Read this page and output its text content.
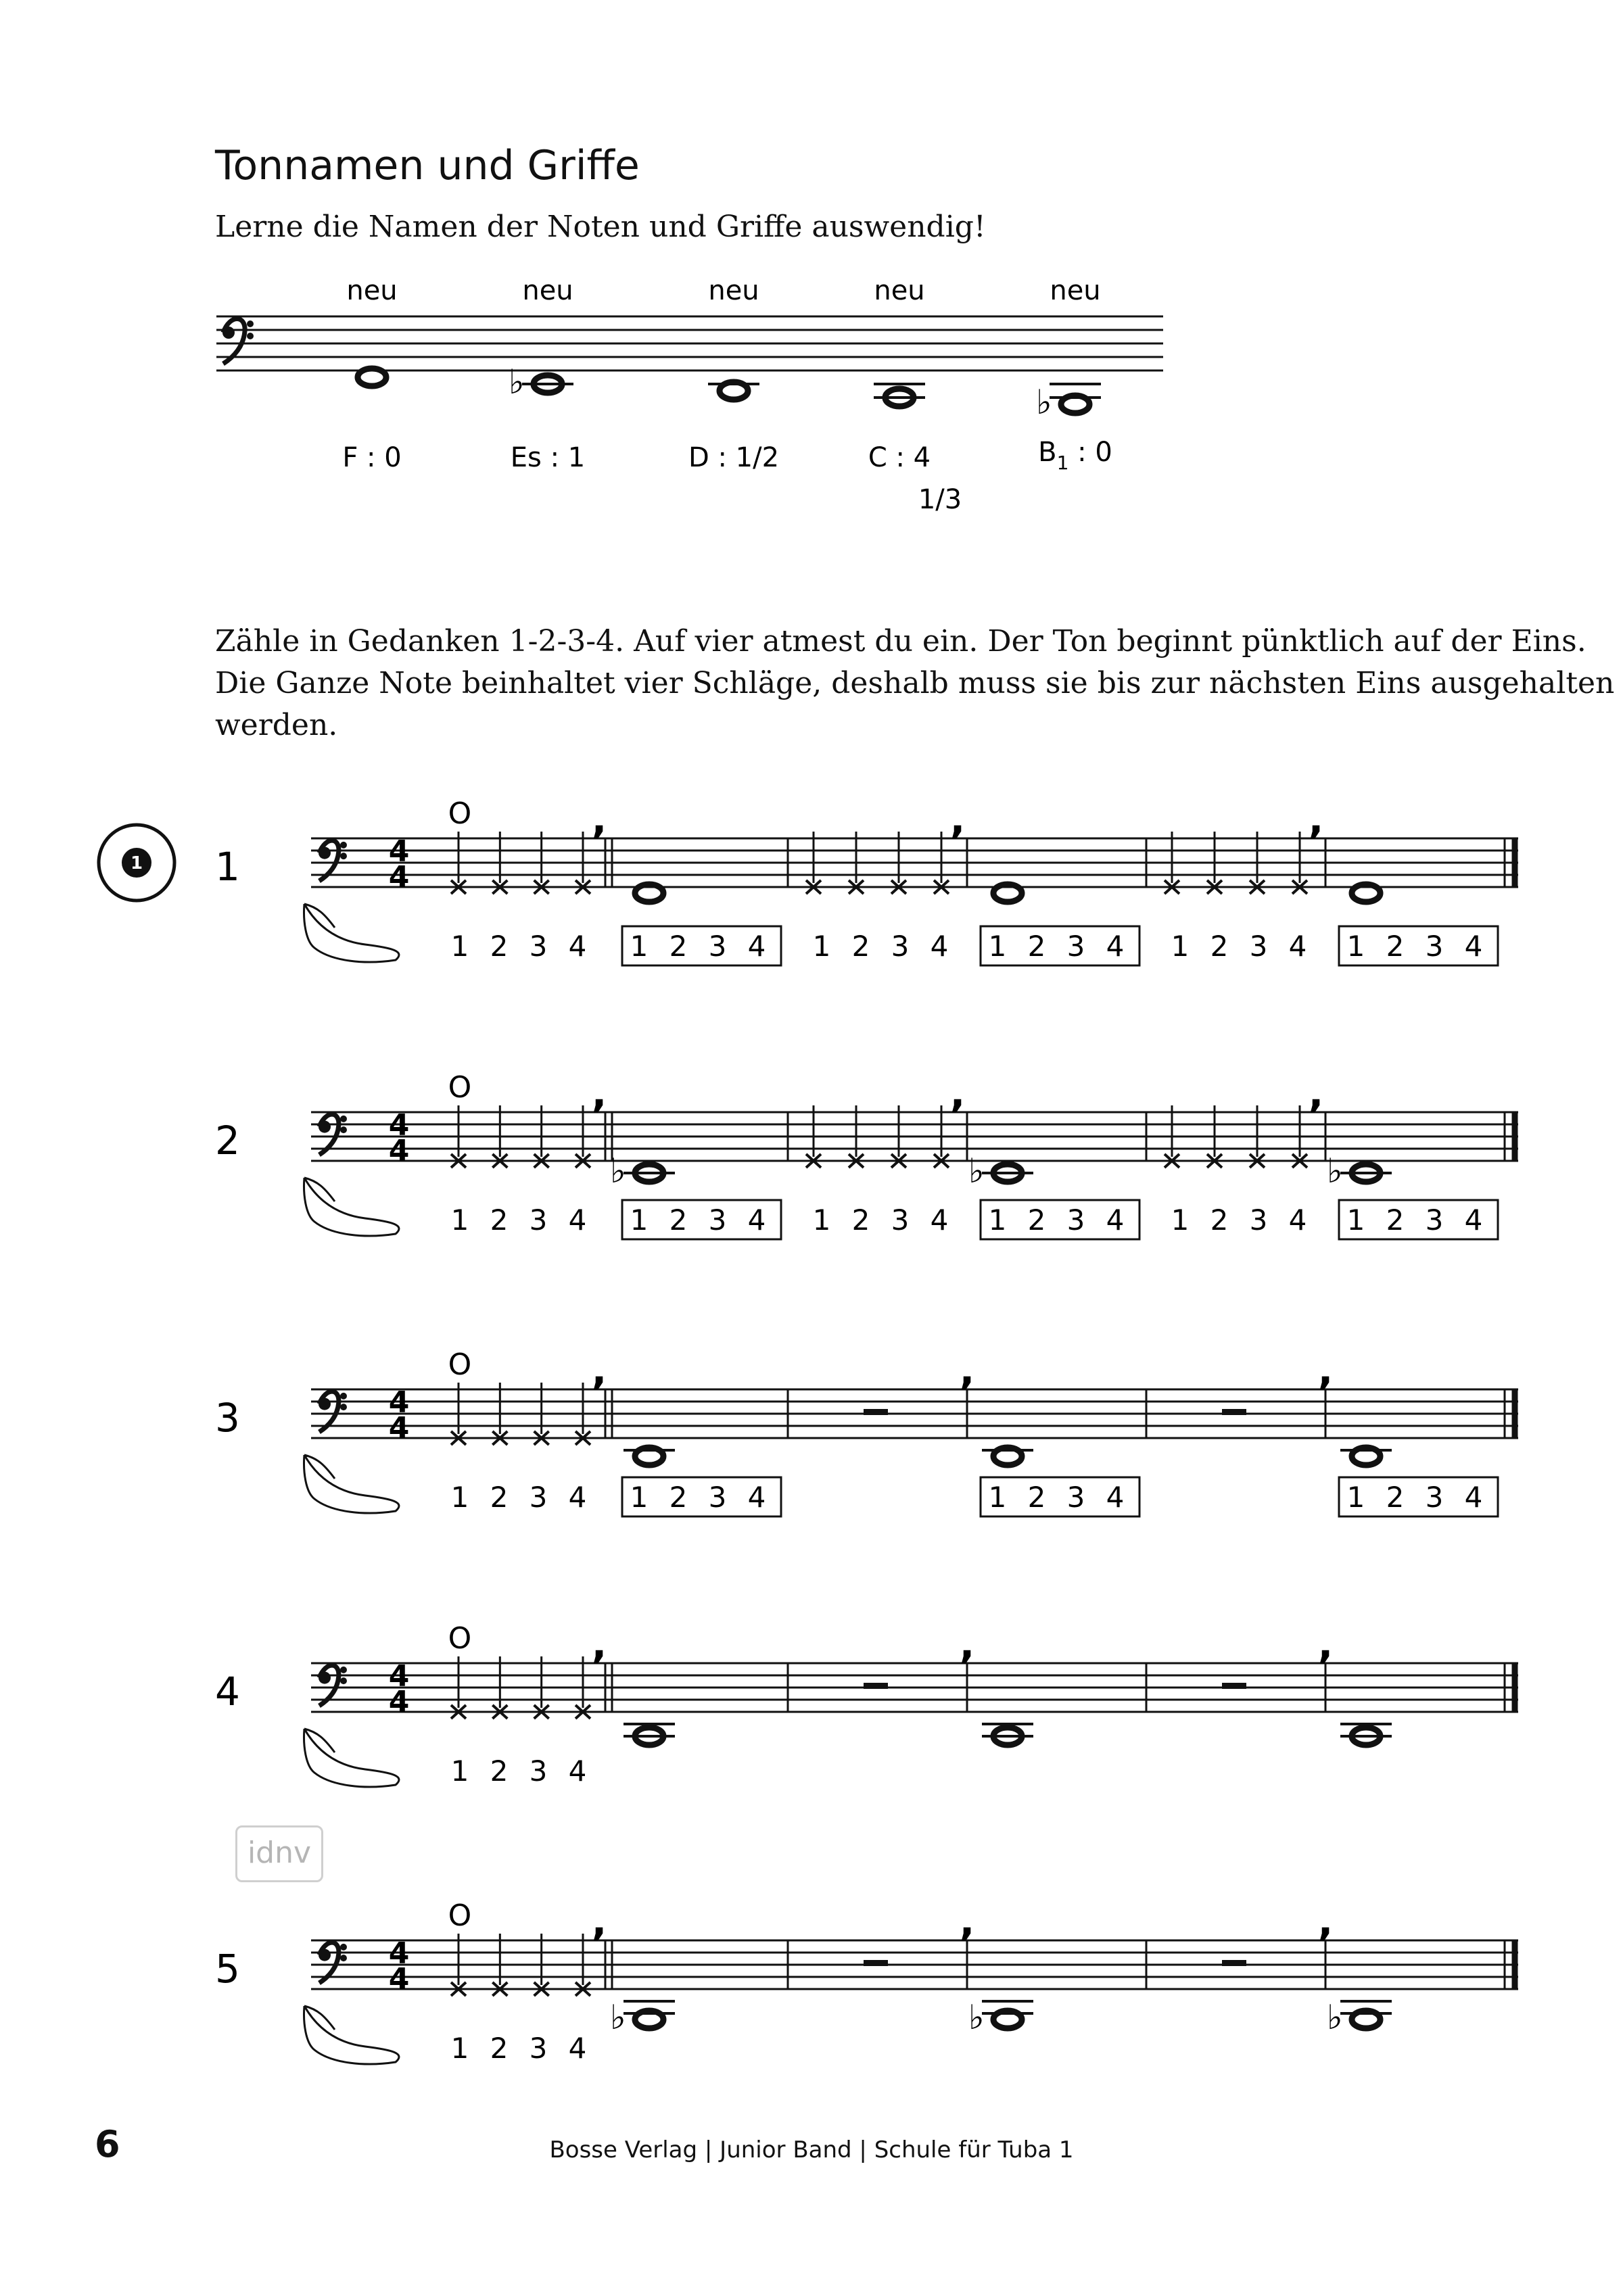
Tonnamen und Griffe
Lerne die Namen der Noten und Griffe auswendig!
neu
F : 0
neu
♭
Es : 1
neu
D : 1/2
neu
C : 4
1/3
neu
♭
$B_1$ : 0
Zähle in Gedanken 1-2-3-4. Auf vier atmest du ein. Der Ton beginnt pünktlich auf der Eins.
Die Ganze Note beinhaltet vier Schläge, deshalb muss sie bis zur nächsten Eins ausgehalten
werden.
1 1	4
4
O	,	,	,
1 2 3 4 1 2 3 4 1 2 3 4 1 2 3 4 1 2 3 4 1 2 3 4
2	4
4
O	,	,	,
♭	♭	♭
1 2 3 4 1 2 3 4 1 2 3 4 1 2 3 4 1 2 3 4 1 2 3 4
3	4
4
O	,	,	,
1 2 3 4 1 2 3 4	1 2 3 4	1 2 3 4
4	4
4
O	,	,	,
1 2 3 4
5	4
4
O	,	,	,
♭	♭	♭
1 2 3 4
idnv
6	Bosse Verlag | Junior Band | Schule für Tuba 1
